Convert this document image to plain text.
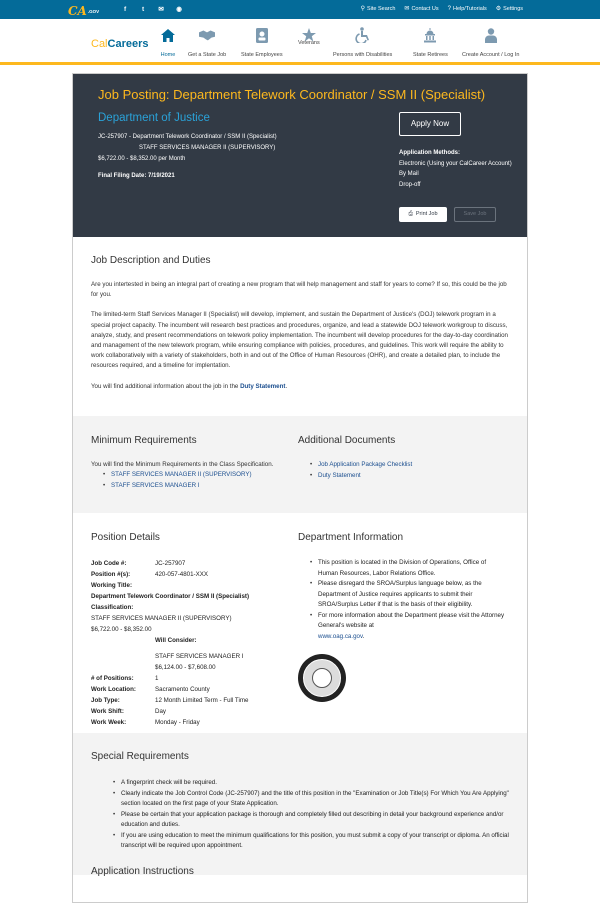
CA .GOV	f	t	✉ ◉	⚲ Site Search ✉ Contact Us ? Help/Tutorials ⚙ Settings
CalCareers
Home Get a State Job	State Employees
Veterans
Persons with Disabilities	State Retirees	Create Account / Log In
Job Posting: Department Telework Coordinator / SSM II (Specialist)
Department of Justice
JC-257907 - Department Telework Coordinator / SSM II (Specialist)
STAFF SERVICES MANAGER II (SUPERVISORY)
$6,722.00 - $8,352.00 per Month
Final Filing Date: 7/19/2021
Apply Now
Application Methods:
Electronic (Using your CalCareer Account)
By Mail
Drop-off
⎙ Print Job	Save Job
Job Description and Duties

Are you intertested in being an integral part of creating a new program that will help management and staff for years to come? If so, this could be the job for you.

The limited-term Staff Services Manager II (Specialist) will develop, implement, and sustain the Department of Justice's (DOJ) telework program in a special project capacity. The incumbent will research best practices and procedures, organize, and lead a statewide DOJ telework workgroup to discuss, analyze, study, and present recommendations on telework policy implementation. The incumbent will develop procedures for the day-to-day coordination and management of the new telework program, while ensuring compliance with policies, procedures, and guidelines. This work will require the ability to work collaboratively with a variety of stakeholders, both in and out of the Office of Human Resources (OHR), and create a detailed plan, to include the resources required, and a timeline for implentation.

You will find additional information about the job in the Duty Statement.

Minimum Requirements

You will find the Minimum Requirements in the Class Specification.

• STAFF SERVICES MANAGER II (SUPERVISORY)
• STAFF SERVICES MANAGER I
Additional Documents
• Job Application Package Checklist
• Duty Statement
Position Details
Job Code #:	JC-257907
Position #(s):	420-057-4801-XXX
Working Title:
Department Telework Coordinator / SSM II (Specialist)
Classification:
STAFF SERVICES MANAGER II (SUPERVISORY)
$6,722.00 - $8,352.00
Will Consider:
STAFF SERVICES MANAGER I
$6,124.00 - $7,608.00
# of Positions:	1
Work Location:	Sacramento County
Job Type:	12 Month Limited Term - Full Time
Work Shift:	Day
Work Week:	Monday - Friday
Department Information
• This position is located in the Division of Operations, Office of Human Resources, Labor Relations Office.
• Please disregard the SROA/Surplus language below, as the Department of Justice requires applicants to submit their SROA/Surplus Letter if that is the basis of their eligibility.
• For more information about the Department please visit the Attorney General's website at
www.oag.ca.gov.
Special Requirements
• A fingerprint check will be required.
• Clearly indicate the Job Control Code (JC-257907) and the title of this position in the "Examination or Job Title(s) For Which You Are Applying" section located on the first page of your State Application.
• Please be certain that your application package is thorough and completely filled out describing in detail your background experience and/or education and duties.
• If you are using education to meet the minimum qualifications for this position, you must submit a copy of your transcript or diploma. An official transcript will be required upon appointment.
Application Instructions
